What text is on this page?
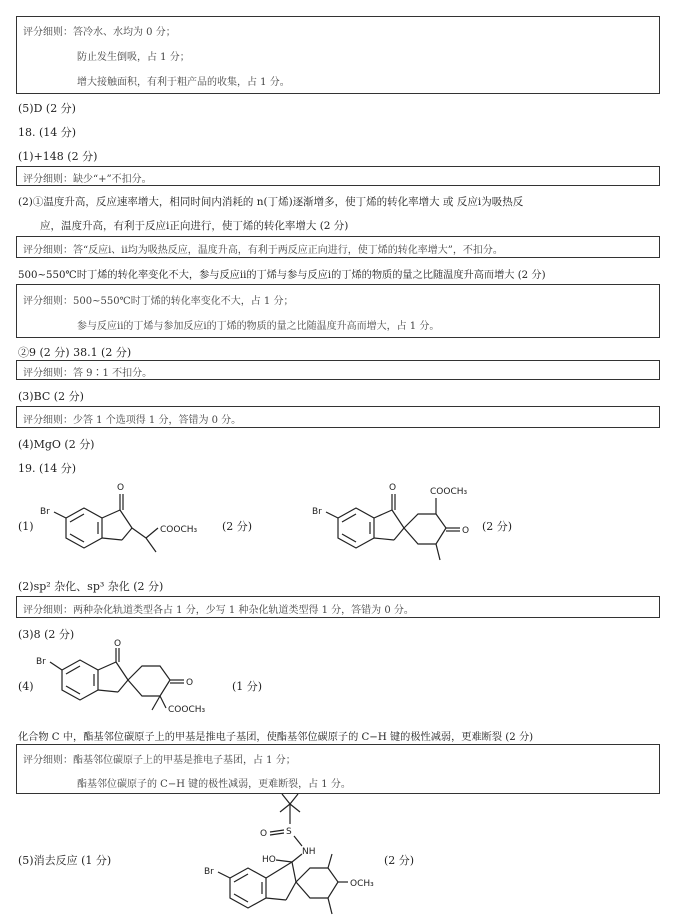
评分细则：答冷水、水均为 0 分；
防止发生倒吸，占 1 分；
增大接触面积，有利于粗产品的收集，占 1 分。
(5)D (2 分)
18. (14 分)
(1)+148 (2 分)
评分细则：缺少“+”不扣分。
(2)①温度升高，反应速率增大，相同时间内消耗的 n(丁烯)逐渐增多，使丁烯的转化率增大 或 反应i为吸热反
应，温度升高，有利于反应i正向进行，使丁烯的转化率增大 (2 分)
评分细则：答“反应i、ii均为吸热反应，温度升高，有利于两反应正向进行，使丁烯的转化率增大”，不扣分。
500~550℃时丁烯的转化率变化不大，参与反应ii的丁烯与参与反应i的丁烯的物质的量之比随温度升高而增大 (2 分)
评分细则：500~550℃时丁烯的转化率变化不大，占 1 分；
参与反应ii的丁烯与参加反应i的丁烯的物质的量之比随温度升高而增大，占 1 分。
②9 (2 分) 38.1 (2 分)
评分细则：答 9∶1 不扣分。
(3)BC (2 分)
评分细则：少答 1 个选项得 1 分，答错为 0 分。
(4)MgO (2 分)
19. (14 分)
(1)
Br
O
COOCH₃ (2 分)
Br
O	COOCH₃
O (2 分)
(2)sp² 杂化、sp³ 杂化 (2 分)
评分细则：两种杂化轨道类型各占 1 分，少写 1 种杂化轨道类型得 1 分，答错为 0 分。
(3)8 (2 分)
(4)
Br
O
O
COOCH₃
(1 分)
化合物 C 中，酯基邻位碳原子上的甲基是推电子基团，使酯基邻位碳原子的 C−H 键的极性减弱，更难断裂 (2 分)
评分细则：酯基邻位碳原子上的甲基是推电子基团，占 1 分；
酯基邻位碳原子的 C−H 键的极性减弱，更难断裂，占 1 分。
(5)消去反应 (1 分)
S
O
NH
HO
Br
OCH₃
(2 分)
